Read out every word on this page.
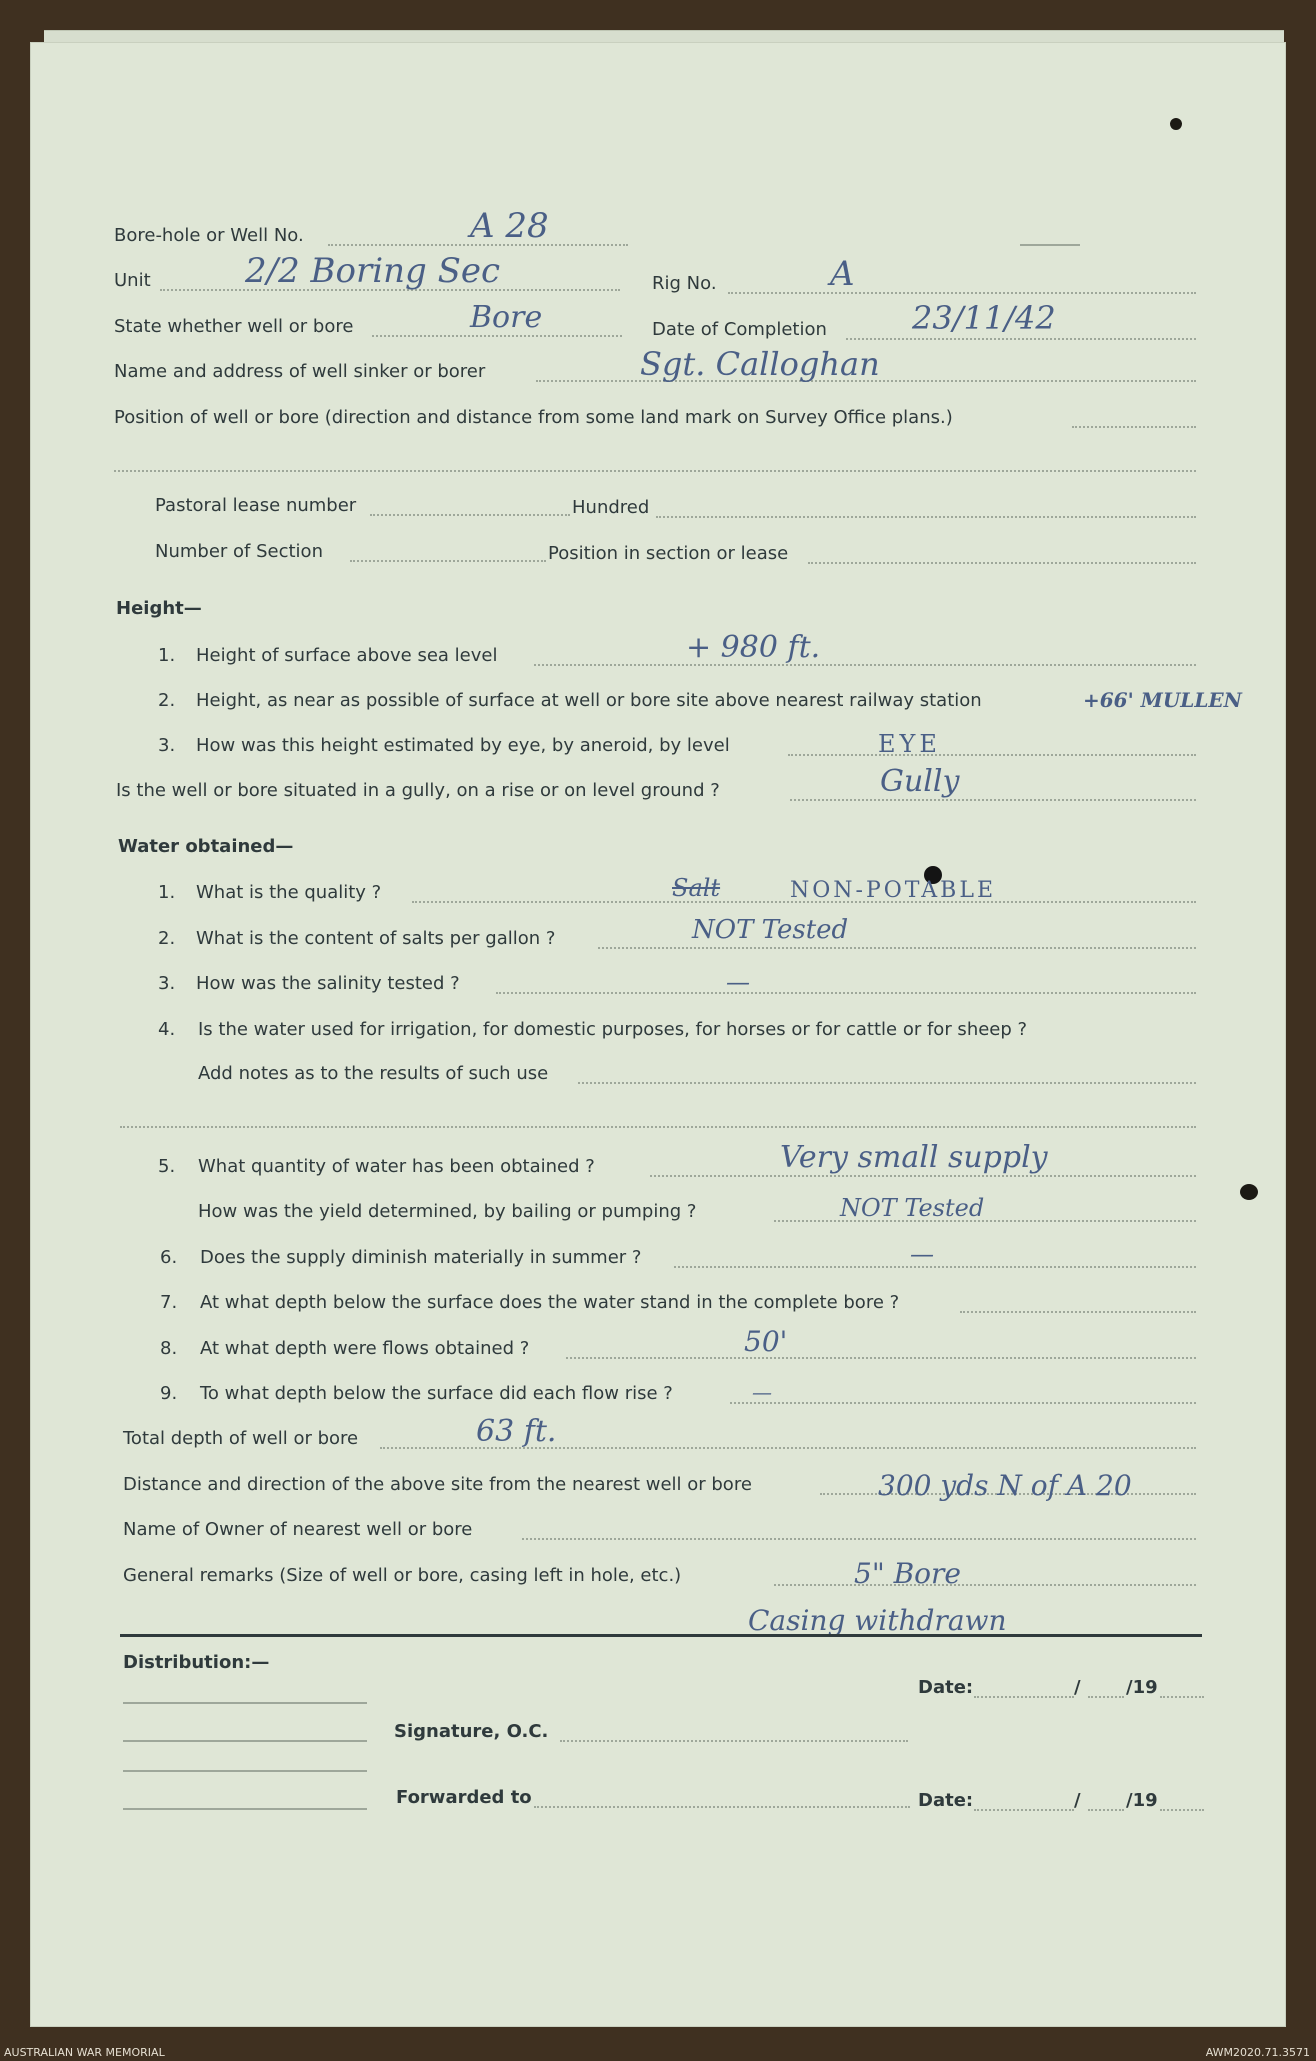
Bore-hole or Well No.	A 28
Unit	2/2 Boring Sec	Rig No.	A
State whether well or bore	Bore	Date of Completion	23/11/42
Name and address of well sinker or borer	Sgt. Calloghan
Position of well or bore (direction and distance from some land mark on Survey Office plans.)
Pastoral lease number	Hundred
Number of Section	Position in section or lease
Height—
1. Height of surface above sea level	+ 980 ft.
2. Height, as near as possible of surface at well or bore site above nearest railway station	+66' MULLEN
3. How was this height estimated by eye, by aneroid, by level	EYE
Is the well or bore situated in a gully, on a rise or on level ground ?	Gully
Water obtained—
1. What is the quality ?	Salt	NON-POTABLE
2. What is the content of salts per gallon ?	NOT Tested
3. How was the salinity tested ?	—
4. Is the water used for irrigation, for domestic purposes, for horses or for cattle or for sheep ?
Add notes as to the results of such use
5. What quantity of water has been obtained ?	Very small supply
How was the yield determined, by bailing or pumping ?	NOT Tested
6. Does the supply diminish materially in summer ?	—
7. At what depth below the surface does the water stand in the complete bore ?
8. At what depth were flows obtained ?	50'
9. To what depth below the surface did each flow rise ?	—
Total depth of well or bore	63 ft.
Distance and direction of the above site from the nearest well or bore	300 yds N of A 20
Name of Owner of nearest well or bore
General remarks (Size of well or bore, casing left in hole, etc.)	5" Bore
Casing withdrawn
Distribution:—
Date:	/	/19
Signature, O.C.
Forwarded to	Date:	/	/19
AUSTRALIAN WAR MEMORIAL	AWM2020.71.3571
